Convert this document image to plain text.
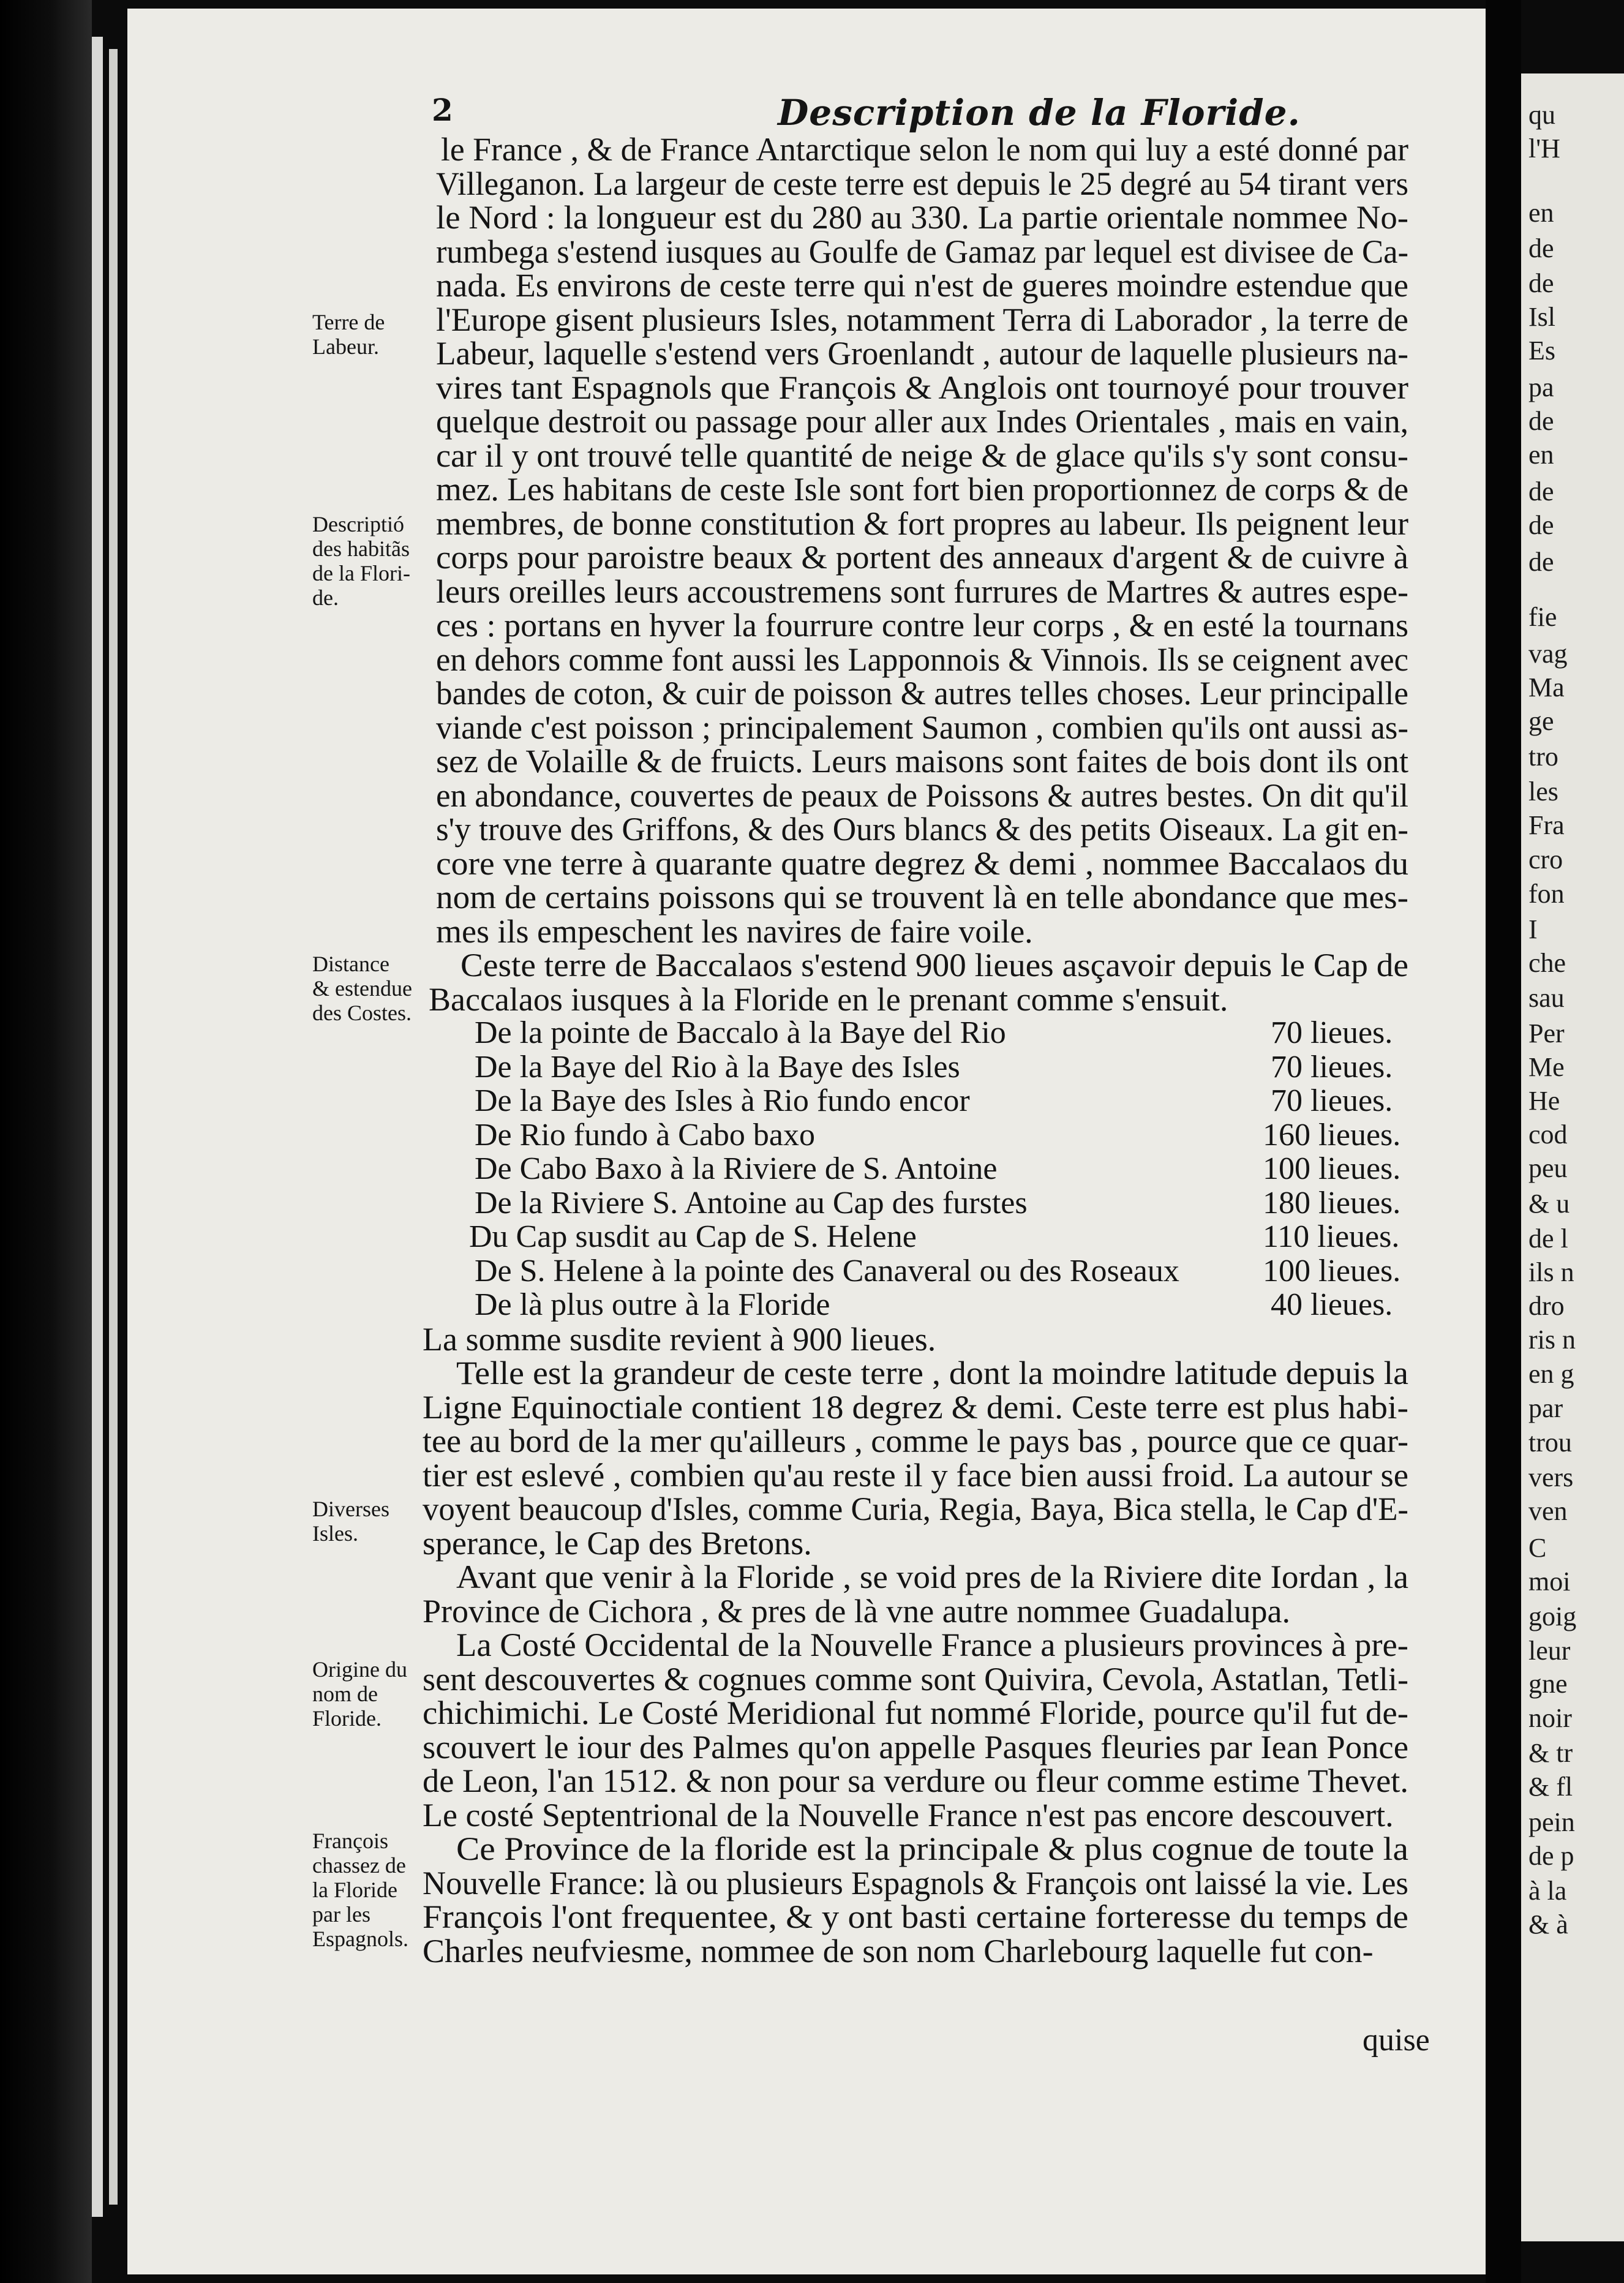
qu
l'H
en
de
de
Isl
Es
pa
de
en
de
de
de
fie
vag
Ma
ge
tro
les
Fra
cro
fon
I
che
sau
Per
Me
He
cod
peu
& u
de l
ils n
dro
ris n
en g
par
trou
vers
ven
C
moi
goig
leur
gne
noir
& tr
& fl
pein
de p
à la
& à
2	Description de la Floride.
le France , & de France Antarctique selon le nom qui luy a esté donné par
Villeganon. La largeur de ceste terre est depuis le 25 degré au 54 tirant vers
le Nord : la longueur est du 280 au 330. La partie orientale nommee No-
rumbega s'estend iusques au Goulfe de Gamaz par lequel est divisee de Ca-
nada. Es environs de ceste terre qui n'est de gueres moindre estendue que
l'Europe gisent plusieurs Isles, notamment Terra di Laborador , la terre de
Labeur, laquelle s'estend vers Groenlandt , autour de laquelle plusieurs na-
vires tant Espagnols que François & Anglois ont tournoyé pour trouver
quelque destroit ou passage pour aller aux Indes Orientales , mais en vain,
car il y ont trouvé telle quantité de neige & de glace qu'ils s'y sont consu-
mez. Les habitans de ceste Isle sont fort bien proportionnez de corps & de
membres, de bonne constitution & fort propres au labeur. Ils peignent leur
corps pour paroistre beaux & portent des anneaux d'argent & de cuivre à
leurs oreilles leurs accoustremens sont furrures de Martres & autres espe-
ces : portans en hyver la fourrure contre leur corps , & en esté la tournans
en dehors comme font aussi les Lapponnois & Vinnois. Ils se ceignent avec
bandes de coton, & cuir de poisson & autres telles choses. Leur principalle
viande c'est poisson ; principalement Saumon , combien qu'ils ont aussi as-
sez de Volaille & de fruicts. Leurs maisons sont faites de bois dont ils ont
en abondance, couvertes de peaux de Poissons & autres bestes. On dit qu'il
s'y trouve des Griffons, & des Ours blancs & des petits Oiseaux. La git en-
core vne terre à quarante quatre degrez & demi , nommee Baccalaos du
nom de certains poissons qui se trouvent là en telle abondance que mes-
mes ils empeschent les navires de faire voile.
Ceste terre de Baccalaos s'estend 900 lieues asçavoir depuis le Cap de
Baccalaos iusques à la Floride en le prenant comme s'ensuit.
La somme susdite revient à 900 lieues.
Telle est la grandeur de ceste terre , dont la moindre latitude depuis la
Ligne Equinoctiale contient 18 degrez & demi. Ceste terre est plus habi-
tee au bord de la mer qu'ailleurs , comme le pays bas , pource que ce quar-
tier est eslevé , combien qu'au reste il y face bien aussi froid. La autour se
voyent beaucoup d'Isles, comme Curia, Regia, Baya, Bica stella, le Cap d'E-
sperance, le Cap des Bretons.
Avant que venir à la Floride , se void pres de la Riviere dite Iordan , la
Province de Cichora , & pres de là vne autre nommee Guadalupa.
La Costé Occidental de la Nouvelle France a plusieurs provinces à pre-
sent descouvertes & cognues comme sont Quivira, Cevola, Astatlan, Tetli-
chichimichi. Le Costé Meridional fut nommé Floride, pource qu'il fut de-
scouvert le iour des Palmes qu'on appelle Pasques fleuries par Iean Ponce
de Leon, l'an 1512. & non pour sa verdure ou fleur comme estime Thevet.
Le costé Septentrional de la Nouvelle France n'est pas encore descouvert.
Ce Province de la floride est la principale & plus cognue de toute la
Nouvelle France: là ou plusieurs Espagnols & François ont laissé la vie. Les
François l'ont frequentee, & y ont basti certaine forteresse du temps de
Charles neufviesme, nommee de son nom Charlebourg laquelle fut con-
Terre de
Labeur.
Descriptió
des habitãs
de la Flori-
de.
Distance
& estendue
des Costes.
Diverses
Isles.
Origine du
nom de
Floride.
François
chassez de
la Floride
par les
Espagnols.
De la pointe de Baccalo à la Baye del Rio	70 lieues.
De la Baye del Rio à la Baye des Isles	70 lieues.
De la Baye des Isles à Rio fundo encor	70 lieues.
De Rio fundo à Cabo baxo	160 lieues.
De Cabo Baxo à la Riviere de S. Antoine	100 lieues.
De la Riviere S. Antoine au Cap des furstes	180 lieues.
Du Cap susdit au Cap de S. Helene	110 lieues.
De S. Helene à la pointe des Canaveral ou des Roseaux	100 lieues.
De là plus outre à la Floride	40 lieues.
quise
